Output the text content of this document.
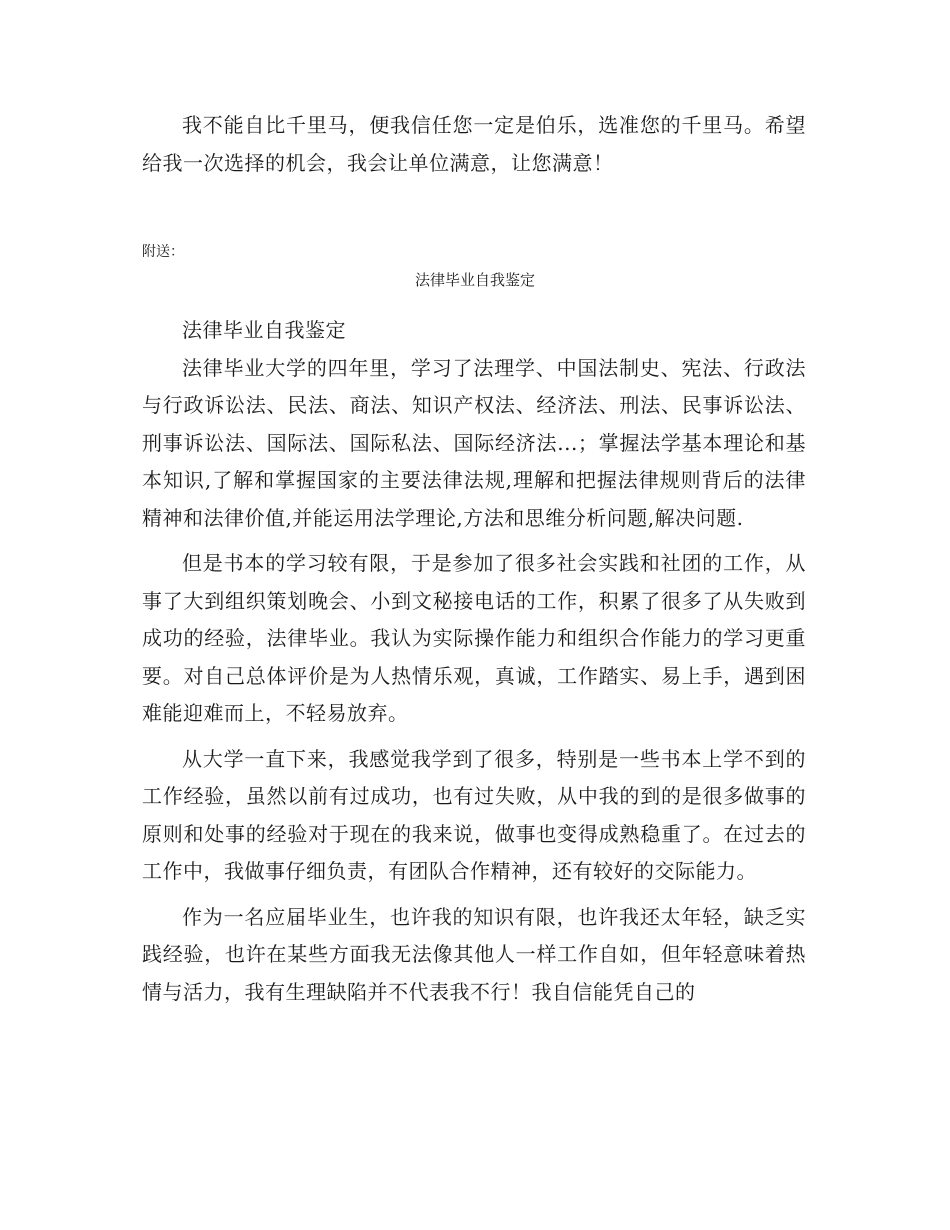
我不能自比千里马，便我信任您一定是伯乐，选准您的千里马。希望给我一次选择的机会，我会让单位满意，让您满意！

附送：

法律毕业自我鉴定

法律毕业自我鉴定

法律毕业大学的四年里，学习了法理学、中国法制史、宪法、行政法与行政诉讼法、民法、商法、知识产权法、经济法、刑法、民事诉讼法、刑事诉讼法、国际法、国际私法、国际经济法...；掌握法学基本理论和基本知识,了解和掌握国家的主要法律法规,理解和把握法律规则背后的法律精神和法律价值,并能运用法学理论,方法和思维分析问题,解决问题.

但是书本的学习较有限，于是参加了很多社会实践和社团的工作，从事了大到组织策划晚会、小到文秘接电话的工作，积累了很多了从失败到成功的经验，法律毕业。我认为实际操作能力和组织合作能力的学习更重要。对自己总体评价是为人热情乐观，真诚，工作踏实、易上手，遇到困难能迎难而上，不轻易放弃。

从大学一直下来，我感觉我学到了很多，特别是一些书本上学不到的工作经验，虽然以前有过成功，也有过失败，从中我的到的是很多做事的原则和处事的经验对于现在的我来说，做事也变得成熟稳重了。在过去的工作中，我做事仔细负责，有团队合作精神，还有较好的交际能力。

作为一名应届毕业生，也许我的知识有限，也许我还太年轻，缺乏实践经验，也许在某些方面我无法像其他人一样工作自如，但年轻意味着热情与活力，我有生理缺陷并不代表我不行！我自信能凭自己的
